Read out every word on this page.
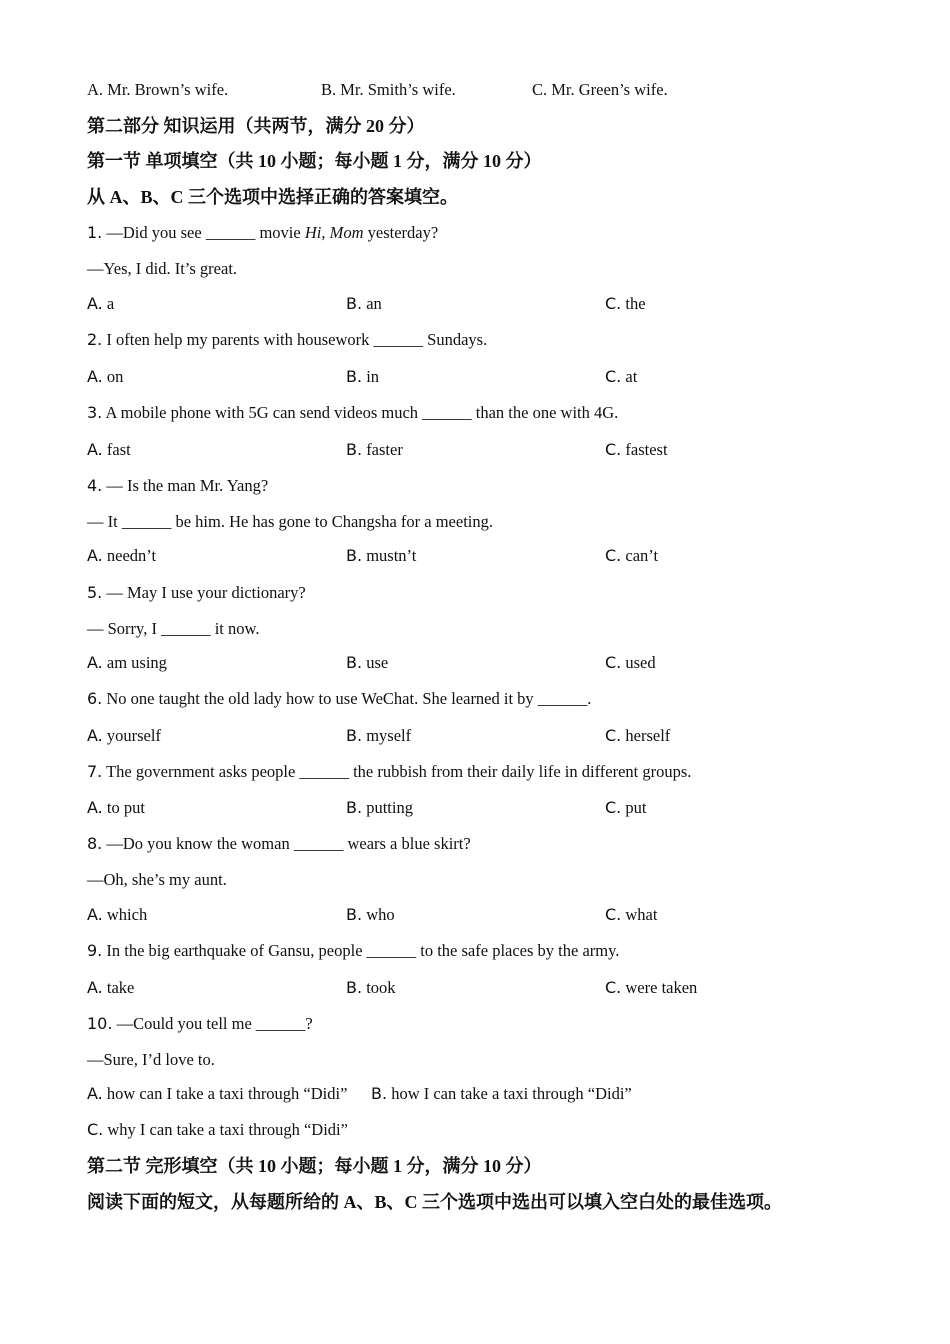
A. Mr. Brown’s wife.	B. Mr. Smith’s wife.	C. Mr. Green’s wife.
第二部分 知识运用（共两节，满分 20 分）
第一节 单项填空（共 10 小题；每小题 1 分，满分 10 分）
从 A、B、C 三个选项中选择正确的答案填空。
1. —Did you see ______ movie Hi, Mom yesterday?
—Yes, I did. It’s great.
A. a	B. an	C. the
2. I often help my parents with housework ______ Sundays.
A. on	B. in	C. at
3. A mobile phone with 5G can send videos much ______ than the one with 4G.
A. fast	B. faster	C. fastest
4. — Is the man Mr. Yang?
— It ______ be him. He has gone to Changsha for a meeting.
A. needn’t	B. mustn’t	C. can’t
5. — May I use your dictionary?
— Sorry, I ______ it now.
A. am using	B. use	C. used
6. No one taught the old lady how to use WeChat. She learned it by ______.
A. yourself	B. myself	C. herself
7. The government asks people ______ the rubbish from their daily life in different groups.
A. to put	B. putting	C. put
8. —Do you know the woman ______ wears a blue skirt?
—Oh, she’s my aunt.
A. which	B. who	C. what
9. In the big earthquake of Gansu, people ______ to the safe places by the army.
A. take	B. took	C. were taken
10. —Could you tell me ______?
—Sure, I’d love to.
A. how can I take a taxi through “Didi” B. how I can take a taxi through “Didi”
C. why I can take a taxi through “Didi”
第二节 完形填空（共 10 小题；每小题 1 分，满分 10 分）
阅读下面的短文，从每题所给的 A、B、C 三个选项中选出可以填入空白处的最佳选项。
